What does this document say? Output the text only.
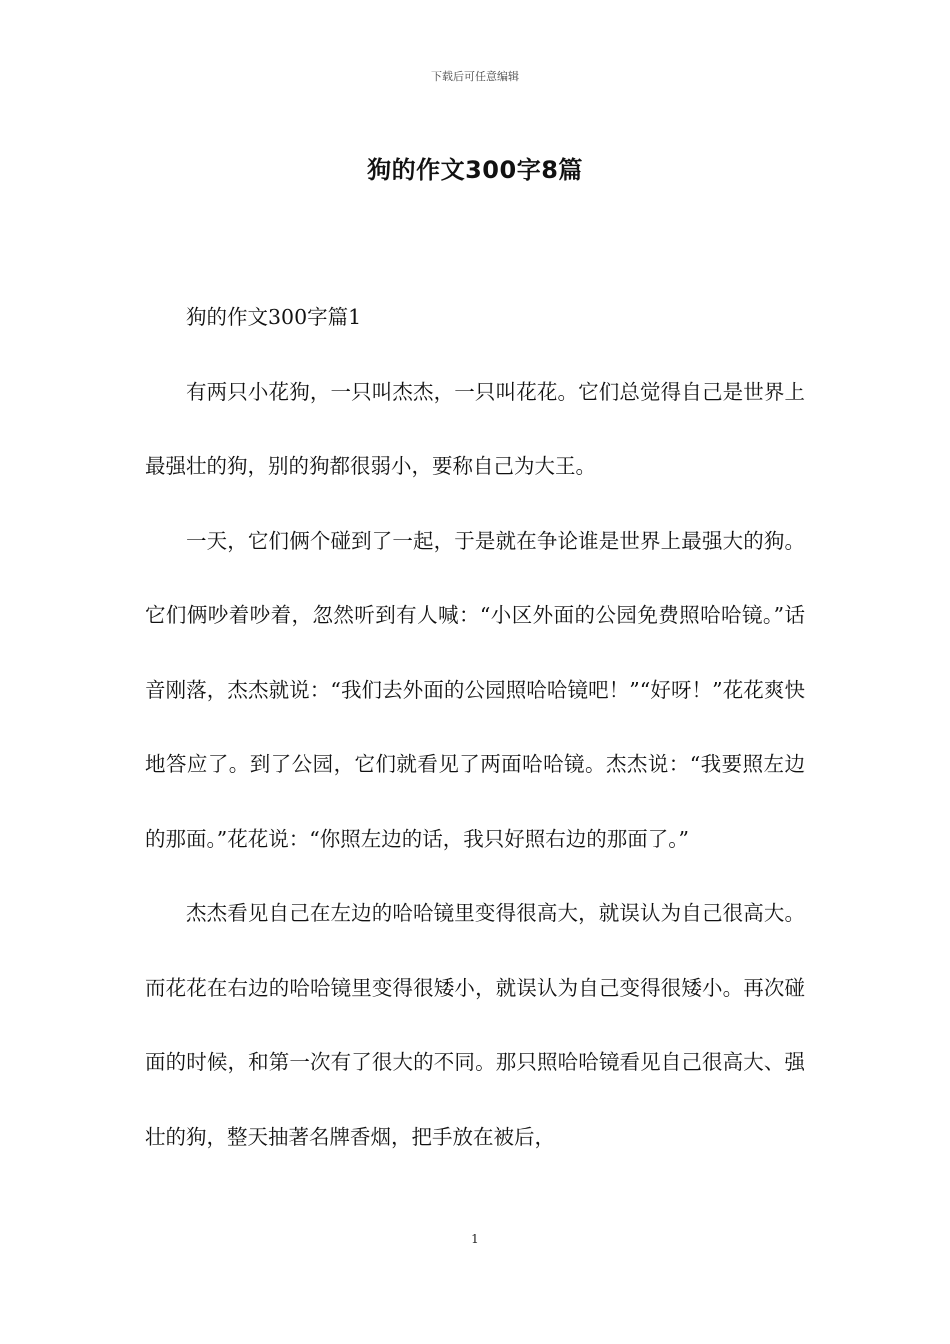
下载后可任意编辑
狗的作文300字8篇

狗的作文300字篇1

有两只小花狗，一只叫杰杰，一只叫花花。它们总觉得自己是世界上最强壮的狗，别的狗都很弱小，要称自己为大王。

一天，它们俩个碰到了一起，于是就在争论谁是世界上最强大的狗。它们俩吵着吵着，忽然听到有人喊：“小区外面的公园免费照哈哈镜。”话音刚落，杰杰就说：“我们去外面的公园照哈哈镜吧！”“好呀！”花花爽快地答应了。到了公园，它们就看见了两面哈哈镜。杰杰说：“我要照左边的那面。”花花说：“你照左边的话，我只好照右边的那面了。”

杰杰看见自己在左边的哈哈镜里变得很高大，就误认为自己很高大。而花花在右边的哈哈镜里变得很矮小，就误认为自己变得很矮小。再次碰面的时候，和第一次有了很大的不同。那只照哈哈镜看见自己很高大、强壮的狗，整天抽著名牌香烟，把手放在被后，

1
